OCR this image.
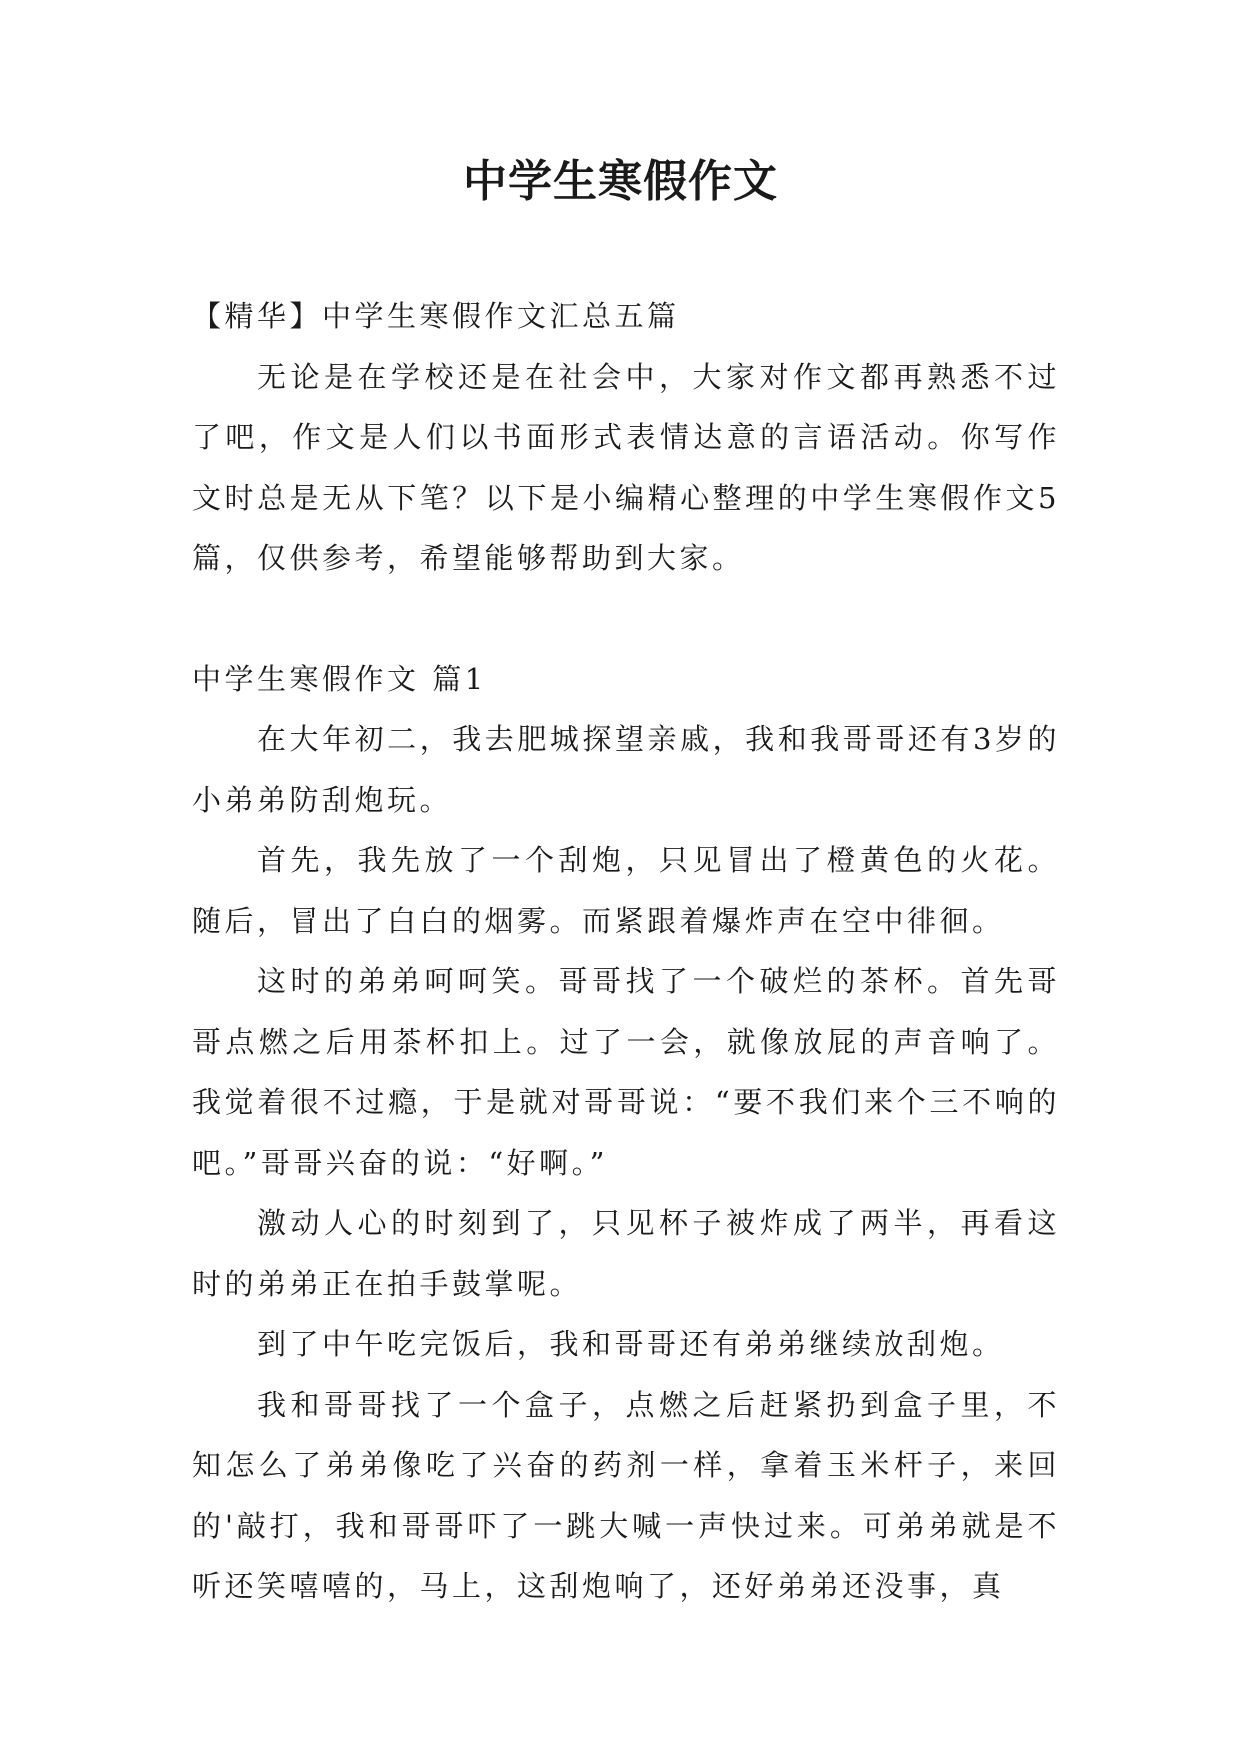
中学生寒假作文

【精华】中学生寒假作文汇总五篇

无论是在学校还是在社会中，大家对作文都再熟悉不过了吧，作文是人们以书面形式表情达意的言语活动。你写作文时总是无从下笔？以下是小编精心整理的中学生寒假作文5篇，仅供参考，希望能够帮助到大家。

中学生寒假作文 篇1

在大年初二，我去肥城探望亲戚，我和我哥哥还有3岁的小弟弟防刮炮玩。

首先，我先放了一个刮炮，只见冒出了橙黄色的火花。随后，冒出了白白的烟雾。而紧跟着爆炸声在空中徘徊。

这时的弟弟呵呵笑。哥哥找了一个破烂的茶杯。首先哥哥点燃之后用茶杯扣上。过了一会，就像放屁的声音响了。我觉着很不过瘾，于是就对哥哥说：“要不我们来个三不响的吧。”哥哥兴奋的说：“好啊。”

激动人心的时刻到了，只见杯子被炸成了两半，再看这时的弟弟正在拍手鼓掌呢。

到了中午吃完饭后，我和哥哥还有弟弟继续放刮炮。

我和哥哥找了一个盒子，点燃之后赶紧扔到盒子里，不知怎么了弟弟像吃了兴奋的药剂一样，拿着玉米杆子，来回的'敲打，我和哥哥吓了一跳大喊一声快过来。可弟弟就是不听还笑嘻嘻的，马上，这刮炮响了，还好弟弟还没事，真
